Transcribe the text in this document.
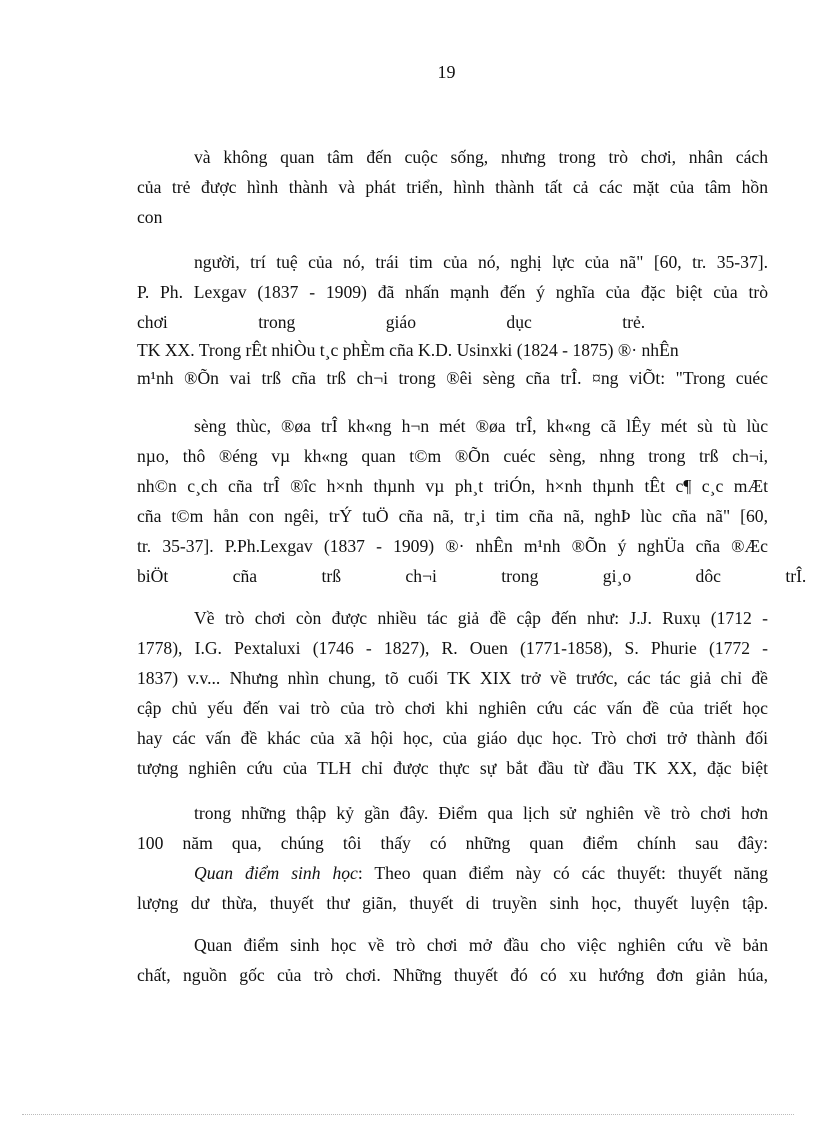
19
và không quan tâm đến cuộc sống, nhưng trong trò chơi, nhân cách
của trẻ được hình thành và phát triển, hình thành tất cả các mặt của tâm hồn
con
người, trí tuệ của nó, trái tim của nó, nghị lực của nã" [60, tr. 35-37].
P. Ph. Lexgav (1837 - 1909) đã nhấn mạnh đến ý nghĩa của đặc biệt của trò
chơi trong giáo dục trẻ.
TK XX. Trong rÊt nhiÒu t¸c phÈm cña K.D. Usinxki (1824 - 1875) ®· nhÊn
m¹nh ®Õn vai trß cña trß ch¬i trong ®êi sèng cña trÎ. ¤ng viÕt: "Trong cuéc
sèng thùc, ®øa trÎ kh«ng h¬n mét ®øa trÎ, kh«ng cã lÊy mét sù tù lùc
nµo, thô ®éng vµ kh«ng quan t©m ®Õn cuéc sèng, nhng trong trß ch¬i,
nh©n c¸ch cña trÎ ®îc h×nh thµnh vµ ph¸t triÓn, h×nh thµnh tÊt c¶ c¸c mÆt
cña t©m hån con ngêi, trÝ tuÖ cña nã, tr¸i tim cña nã, nghÞ lùc cña nã" [60,
tr. 35-37]. P.Ph.Lexgav (1837 - 1909) ®· nhÊn m¹nh ®Õn ý nghÜa cña ®Æc
biÖt cña trß ch¬i trong gi¸o dôc trÎ.
Về trò chơi còn được nhiều tác giả đề cập đến như: J.J. Ruxụ (1712 -
1778), I.G. Pextaluxi (1746 - 1827), R. Ouen (1771-1858), S. Phurie (1772 -
1837) v.v... Nhưng nhìn chung, tõ cuối TK XIX trở về trước, các tác giả chỉ đề
cập chủ yếu đến vai trò của trò chơi khi nghiên cứu các vấn đề của triết học
hay các vấn đề khác của xã hội học, của giáo dục học. Trò chơi trở thành đối
tượng nghiên cứu của TLH chỉ được thực sự bắt đầu từ đầu TK XX, đặc biệt
trong những thập kỷ gần đây. Điểm qua lịch sử nghiên về trò chơi hơn
100 năm qua, chúng tôi thấy có những quan điểm chính sau đây:
Quan điểm sinh học: Theo quan điểm này có các thuyết: thuyết năng
lượng dư thừa, thuyết thư giãn, thuyết di truyền sinh học, thuyết luyện tập.
Quan điểm sinh học về trò chơi mở đầu cho việc nghiên cứu về bản
chất, nguồn gốc của trò chơi. Những thuyết đó có xu hướng đơn giản húa,
